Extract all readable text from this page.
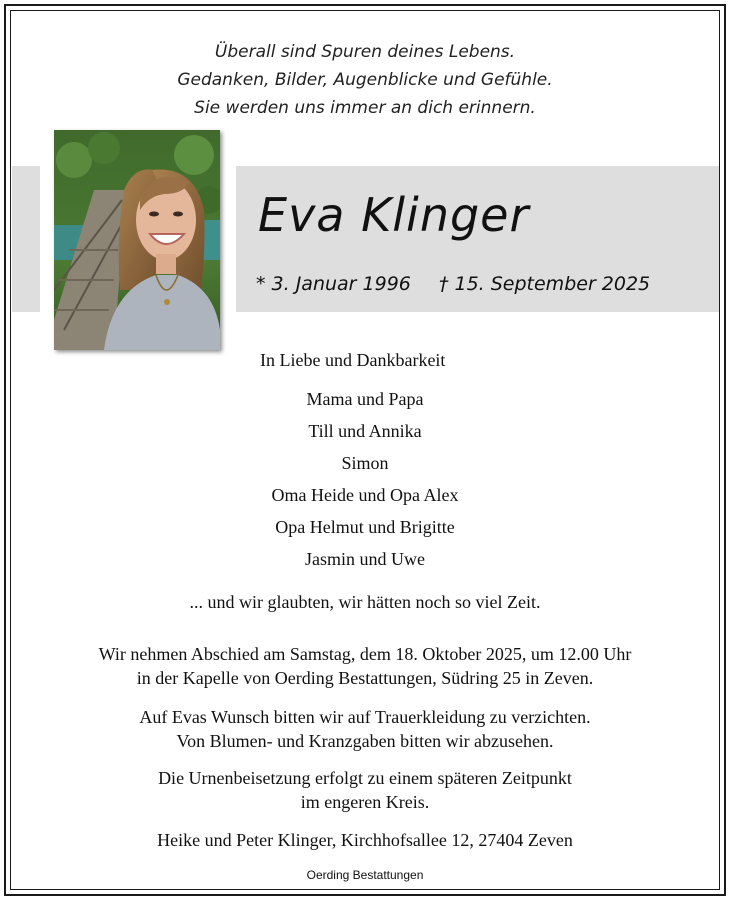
Überall sind Spuren deines Lebens.
Gedanken, Bilder, Augenblicke und Gefühle.
Sie werden uns immer an dich erinnern.
Eva Klinger
* 3. Januar 1996 † 15. September 2025
In Liebe und Dankbarkeit
Mama und Papa
Till und Annika
Simon
Oma Heide und Opa Alex
Opa Helmut und Brigitte
Jasmin und Uwe
... und wir glaubten, wir hätten noch so viel Zeit.
Wir nehmen Abschied am Samstag, dem 18. Oktober 2025, um 12.00 Uhr
in der Kapelle von Oerding Bestattungen, Südring 25 in Zeven.
Auf Evas Wunsch bitten wir auf Trauerkleidung zu verzichten.
Von Blumen- und Kranzgaben bitten wir abzusehen.
Die Urnenbeisetzung erfolgt zu einem späteren Zeitpunkt
im engeren Kreis.
Heike und Peter Klinger, Kirchhofsallee 12, 27404 Zeven
Oerding Bestattungen
